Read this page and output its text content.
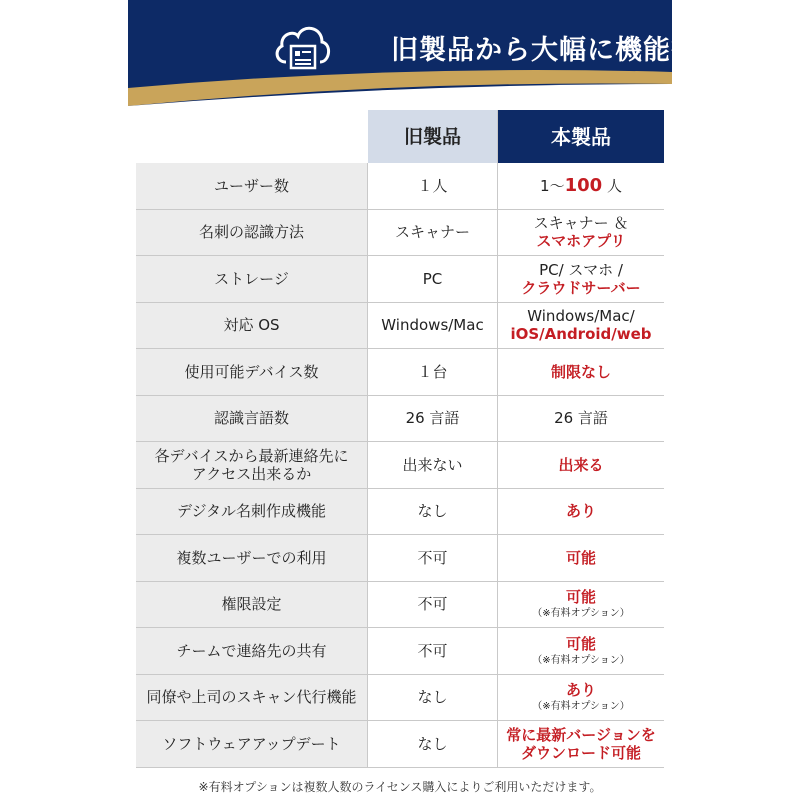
旧製品から大幅に機能拡張！
旧製品	本製品
ユーザー数	１人	1〜100 人
名刺の認識方法	スキャナー	スキャナー ＆
スマホアプリ
ストレージ	PC	PC/ スマホ /
クラウドサーバー
対応 OS	Windows/Mac	Windows/Mac/
iOS/Android/web
使用可能デバイス数	１台	制限なし
認識言語数	26 言語	26 言語
各デバイスから最新連絡先に
アクセス出来るか	出来ない	出来る
デジタル名刺作成機能	なし	あり
複数ユーザーでの利用	不可	可能
権限設定	不可	可能
（※有料オプション）
チームで連絡先の共有	不可	可能
（※有料オプション）
同僚や上司のスキャン代行機能	なし	あり
（※有料オプション）
ソフトウェアアップデート	なし	常に最新バージョンを
ダウンロード可能
※有料オプションは複数人数のライセンス購入によりご利用いただけます。
